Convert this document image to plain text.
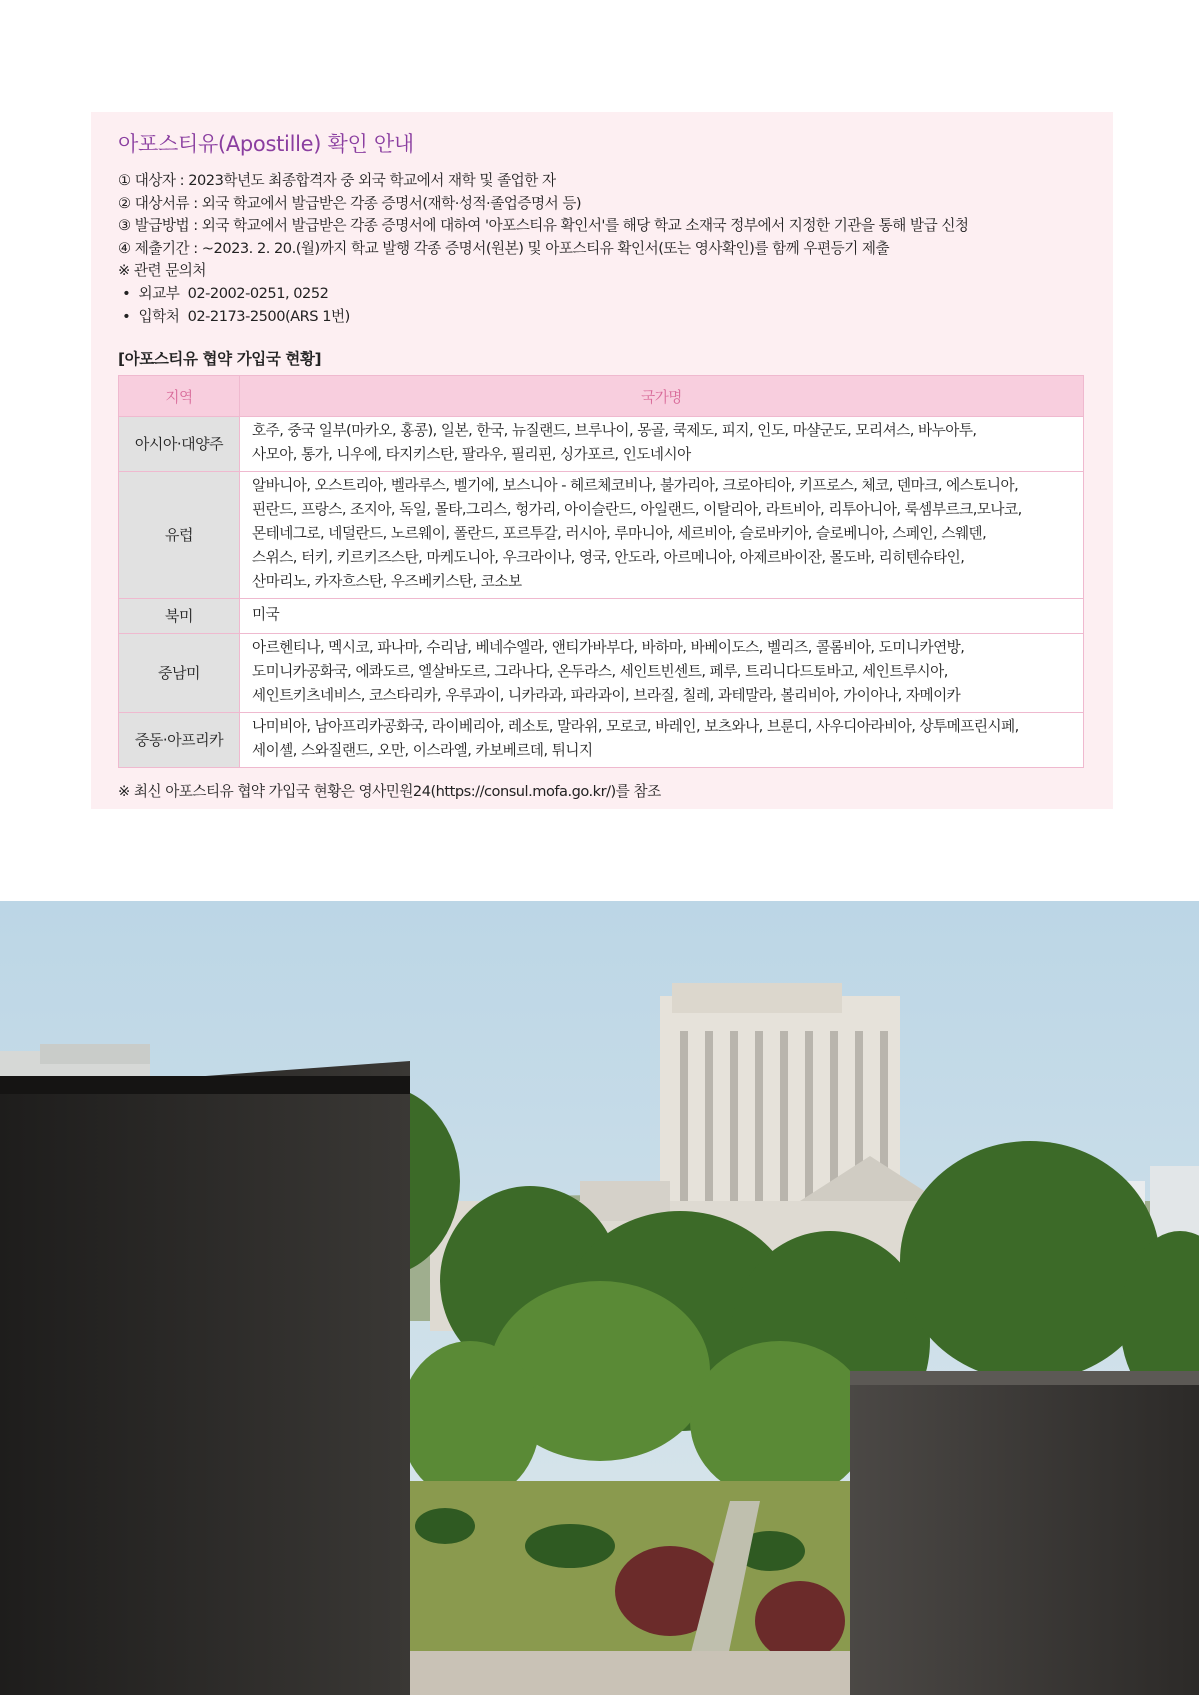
아포스티유(Apostille) 확인 안내
① 대상자 : 2023학년도 최종합격자 중 외국 학교에서 재학 및 졸업한 자
② 대상서류 : 외국 학교에서 발급받은 각종 증명서(재학·성적·졸업증명서 등)
③ 발급방법 : 외국 학교에서 발급받은 각종 증명서에 대하여 '아포스티유 확인서'를 해당 학교 소재국 정부에서 지정한 기관을 통해 발급 신청
④ 제출기간 : ~2023. 2. 20.(월)까지 학교 발행 각종 증명서(원본) 및 아포스티유 확인서(또는 영사확인)를 함께 우편등기 제출
※ 관련 문의처
•  외교부  02-2002-0251, 0252
•  입학처  02-2173-2500(ARS 1번)
[아포스티유 협약 가입국 현황]
지역	국가명
아시아·대양주	호주, 중국 일부(마카오, 홍콩), 일본, 한국, 뉴질랜드, 브루나이, 몽골, 쿡제도, 피지, 인도, 마샬군도, 모리셔스, 바누아투,
사모아, 통가, 니우에, 타지키스탄, 팔라우, 필리핀, 싱가포르, 인도네시아

유럽	알바니아, 오스트리아, 벨라루스, 벨기에, 보스니아 - 헤르체코비나, 불가리아, 크로아티아, 키프로스, 체코, 덴마크, 에스토니아,
핀란드, 프랑스, 조지아, 독일, 몰타,그리스, 헝가리, 아이슬란드, 아일랜드, 이탈리아, 라트비아, 리투아니아, 룩셈부르크,모나코,
몬테네그로, 네덜란드, 노르웨이, 폴란드, 포르투갈, 러시아, 루마니아, 세르비아, 슬로바키아, 슬로베니아, 스페인, 스웨덴,
스위스, 터키, 키르키즈스탄, 마케도니아, 우크라이나, 영국, 안도라, 아르메니아, 아제르바이잔, 몰도바, 리히텐슈타인,
산마리노, 카자흐스탄, 우즈베키스탄, 코소보

북미	미국

중남미	아르헨티나, 멕시코, 파나마, 수리남, 베네수엘라, 앤티가바부다, 바하마, 바베이도스, 벨리즈, 콜롬비아, 도미니카연방,
도미니카공화국, 에콰도르, 엘살바도르, 그라나다, 온두라스, 세인트빈센트, 페루, 트리니다드토바고, 세인트루시아,
세인트키츠네비스, 코스타리카, 우루과이, 니카라과, 파라과이, 브라질, 칠레, 과테말라, 볼리비아, 가이아나, 자메이카

중동·아프리카	나미비아, 남아프리카공화국, 라이베리아, 레소토, 말라위, 모로코, 바레인, 보츠와나, 브룬디, 사우디아라비아, 상투메프린시페,
세이셸, 스와질랜드, 오만, 이스라엘, 카보베르데, 튀니지
※ 최신 아포스티유 협약 가입국 현황은 영사민원24(https://consul.mofa.go.kr/)를 참조
